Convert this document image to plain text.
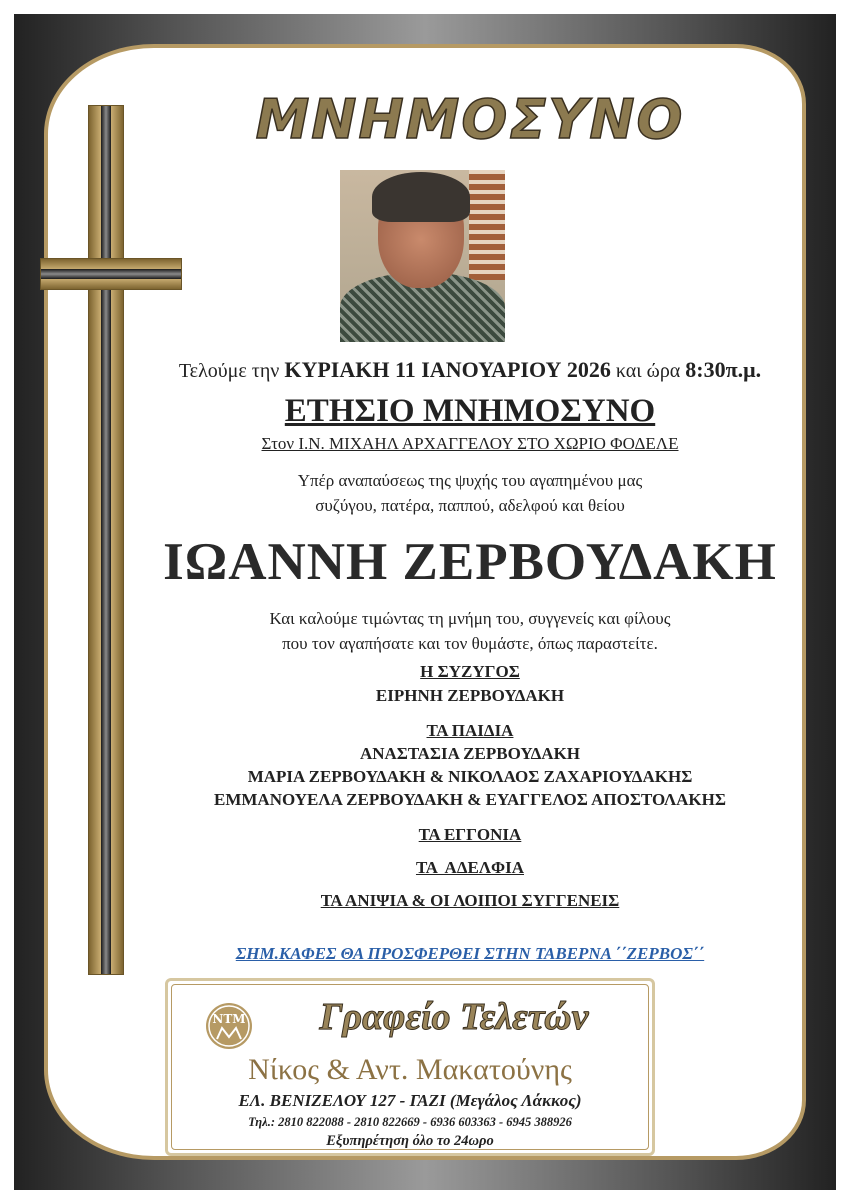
ΜΝΗΜΟΣΥΝΟ
Τελούμε την ΚΥΡΙΑΚΗ 11 ΙΑΝΟΥΑΡΙΟΥ 2026 και ώρα 8:30π.μ.
ΕΤΗΣΙΟ ΜΝΗΜΟΣΥΝΟ
Στον Ι.Ν. ΜΙΧΑΗΛ ΑΡΧΑΓΓΕΛΟΥ ΣΤΟ ΧΩΡΙΟ ΦΟΔΕΛΕ
Υπέρ αναπαύσεως της ψυχής του αγαπημένου μας
συζύγου, πατέρα, παππού, αδελφού και θείου
ΙΩΑΝΝΗ ΖΕΡΒΟΥΔΑΚΗ
Και καλούμε τιμώντας τη μνήμη του, συγγενείς και φίλους
που τον αγαπήσατε και τον θυμάστε, όπως παραστείτε.
Η ΣΥΖΥΓΟΣ
ΕΙΡΗΝΗ ΖΕΡΒΟΥΔΑΚΗ
ΤΑ ΠΑΙΔΙΑ
ΑΝΑΣΤΑΣΙΑ ΖΕΡΒΟΥΔΑΚΗ
ΜΑΡΙΑ ΖΕΡΒΟΥΔΑΚΗ & ΝΙΚΟΛΑΟΣ ΖΑΧΑΡΙΟΥΔΑΚΗΣ
ΕΜΜΑΝΟΥΕΛΑ ΖΕΡΒΟΥΔΑΚΗ & ΕΥΑΓΓΕΛΟΣ ΑΠΟΣΤΟΛΑΚΗΣ
ΤΑ ΕΓΓΟΝΙΑ
ΤΑ  ΑΔΕΛΦΙΑ
ΤΑ ΑΝΙΨΙΑ & ΟΙ ΛΟΙΠΟΙ ΣΥΓΓΕΝΕΙΣ
ΣΗΜ.ΚΑΦΕΣ ΘΑ ΠΡΟΣΦΕΡΘΕΙ ΣΤΗΝ ΤΑΒΕΡΝΑ ΄΄ΖΕΡΒΟΣ΄΄
ΝΤΜ	Γραφείο Τελετών
Νίκος & Αντ. Μακατούνης
ΕΛ. ΒΕΝΙΖΕΛΟΥ 127 - ΓΑΖΙ (Μεγάλος Λάκκος)
Τηλ.: 2810 822088 - 2810 822669 - 6936 603363 - 6945 388926
Εξυπηρέτηση όλο το 24ωρο
